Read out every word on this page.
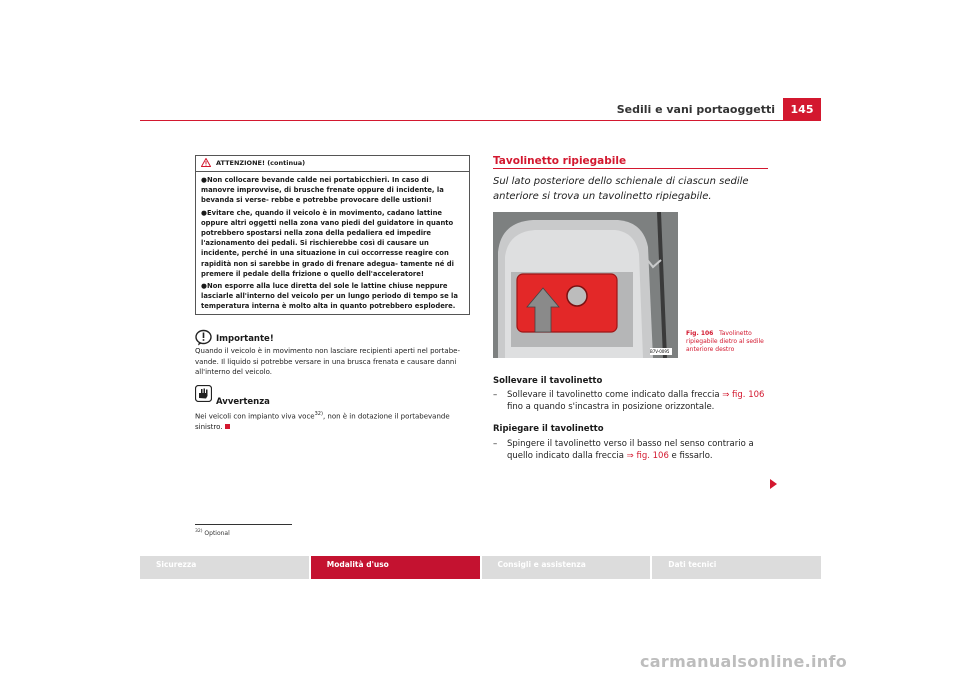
Sedili e vani portaoggetti	145
ATTENZIONE! (continua)

●Non collocare bevande calde nei portabicchieri. In caso di manovre improvvise, di brusche frenate oppure di incidente, la bevanda si verse- rebbe e potrebbe provocare delle ustioni!

●Evitare che, quando il veicolo è in movimento, cadano lattine oppure altri oggetti nella zona vano piedi del guidatore in quanto potrebbero spostarsi nella zona della pedaliera ed impedire l'azionamento dei pedali. Si rischierebbe così di causare un incidente, perché in una situazione in cui occorresse reagire con rapidità non si sarebbe in grado di frenare adegua- tamente né di premere il pedale della frizione o quello dell'acceleratore!

●Non esporre alla luce diretta del sole le lattine chiuse neppure lasciarle all'interno del veicolo per un lungo periodo di tempo se la temperatura interna è molto alta in quanto potrebbero esplodere.

Importante!
Quando il veicolo è in movimento non lasciare recipienti aperti nel portabe- vande. Il liquido si potrebbe versare in una brusca frenata e causare danni all'interno del veicolo.
Avvertenza
Nei veicoli con impianto viva voce$^{32)}$, non è in dotazione il portabevande sinistro.
$^{32)}$ Optional
Tavolinetto ripiegabile
Sul lato posteriore dello schienale di ciascun sedile anteriore si trova un tavolinetto ripiegabile.
B7V-0095
Fig. 106 Tavolinetto ripiegabile dietro al sedile anteriore destro
Sollevare il tavolinetto
–	Sollevare il tavolinetto come indicato dalla freccia ⇒ fig. 106 fino a quando s'incastra in posizione orizzontale.
Ripiegare il tavolinetto
–	Spingere il tavolinetto verso il basso nel senso contrario a quello indicato dalla freccia ⇒ fig. 106 e fissarlo.
Sicurezza	Modalità d'uso	Consigli e assistenza	Dati tecnici
carmanualsonline.info
